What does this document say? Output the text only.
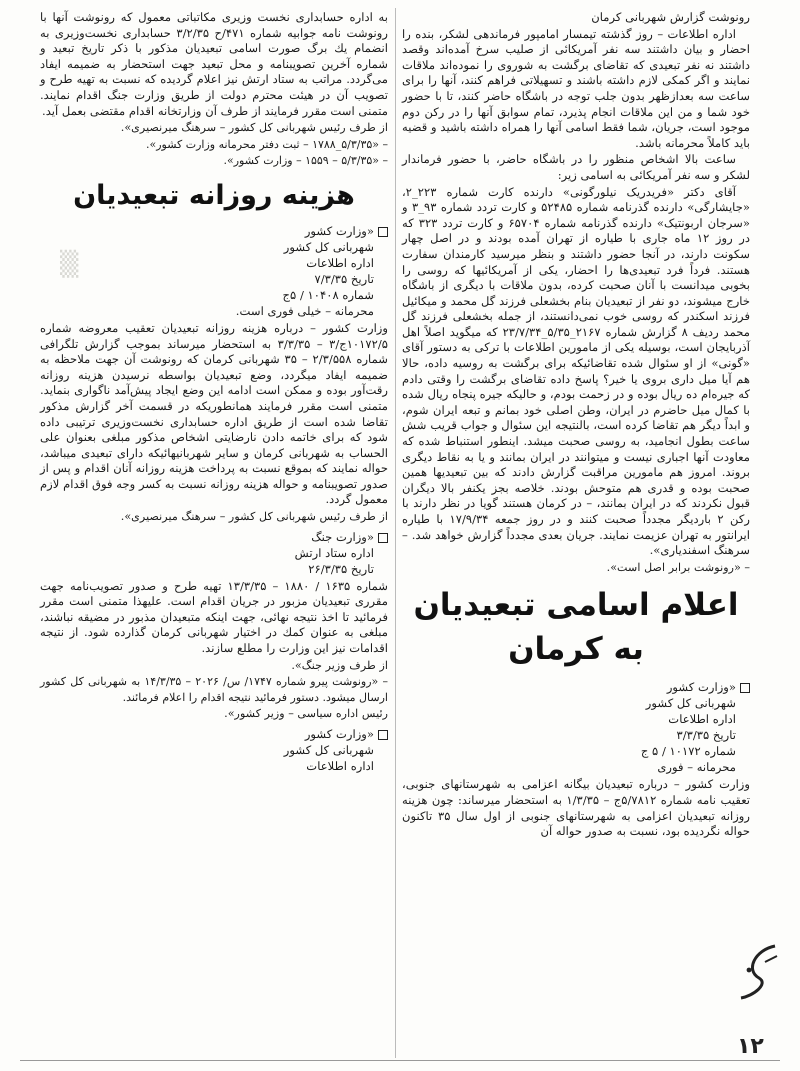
▒

رونوشت گزارش شهربانی کرمان

اداره اطلاعات – روز گذشته تیمسار امامپور فرماندهی لشکر، بنده را احضار و بیان داشتند سه نفر آمریکائی از صلیب سرخ آمده‌اند وقصد داشتند نه نفر تبعیدی که تقاضای برگشت به شوروی را نموده‌اند ملاقات نمایند و اگر کمکی لازم داشته باشند و تسهیلاتی فراهم کنند، آنها را برای ساعت سه بعدازظهر بدون جلب توجه در باشگاه حاضر کنند، تا با حضور خود شما و من این ملاقات انجام پذیرد، تمام سوابق آنها را در رکن دوم موجود است، جریان، شما فقط اسامی آنها را همراه داشته باشید و قضیه باید کاملاً محرمانه باشد.

ساعت بالا اشخاص منظور را در باشگاه حاضر، با حضور فرماندار لشکر و سه نفر آمریکائی به اسامی زیر:

آقای دکتر «فریدریک نیلورگونی» دارنده کارت شماره ۲۲۳_۲، «جایشارگی» دارنده گذرنامه شماره ۵۲۴۸۵ و کارت تردد شماره ۹۳_۳ و «سرجان اربونتیک» دارنده گذرنامه شماره ۶۵۷۰۴ و کارت تردد ۳۲۳ که در روز ۱۲ ماه جاری با طیاره از تهران آمده بودند و در اصل چهار سکونت دارند، در آنجا حضور داشتند و بنظر میرسید کارمندان سفارت هستند. فرداً فرد تبعیدی‌ها را احضار، یکی از آمریکائیها که روسی را بخوبی میدانست با آنان صحبت کرده، بدون ملاقات با دیگری از باشگاه خارج میشوند، دو نفر از تبعیدیان بنام بخشعلی فرزند گل محمد و میکائیل فرزند اسکندر که روسی خوب نمی‌دانستند، از جمله بخشعلی فرزند گل محمد ردیف ۸ گزارش شماره ۲۱۶۷_۵/۳۵_۲۳/۷/۳۴ که میگوید اصلاً اهل آذربایجان است، بوسیله یکی از مامورین اطلاعات با ترکی به دستور آقای «گونی» از او سئوال شده تقاضائیکه برای برگشت به روسیه داده، حالا هم آیا میل داری بروی یا خیر؟ پاسخ داده تقاضای برگشت را وقتی دادم که جیره‌ام ده ریال بوده و در زحمت بودم، و حالیکه جیره پنجاه ریال شده با کمال میل حاضرم در ایران، وطن اصلی خود بمانم و تبعه ایران شوم، و ابداً دیگر هم تقاضا کرده است، بالنتیجه این سئوال و جواب قریب شش ساعت بطول انجامید، به روسی صحبت میشد. اینطور استنباط شده که معاودت آنها اجباری نیست و میتوانند در ایران بمانند و یا به نقاط دیگری بروند. امروز هم مامورین مراقبت گزارش دادند که بین تبعیدیها همین صحبت بوده و قدری هم متوحش بودند. خلاصه بجز یکنفر بالا دیگران قبول نکردند که در ایران بمانند، – در کرمان هستند گویا در نظر دارند با رکن ۲ باردیگر مجدداً صحبت کنند و در روز جمعه ۱۷/۹/۳۴ با طیاره ایرانتور به تهران عزیمت نمایند. جریان بعدی مجدداً گزارش خواهد شد. – سرهنگ اسفندیاری».

– «رونوشت برابر اصل است».

اعلام اسامی تبعیدیان به کرمان

«وزارت کشور

شهربانی کل کشور

اداره اطلاعات

تاریخ ۳/۳/۳۵

شماره ۱۰۱۷۲ / ۵ ج

محرمانه – فوری

وزارت کشور – درباره تبعیدیان بیگانه اعزامی به شهرستانهای جنوبی، تعقیب نامه شماره ۵/۷۸۱۲ج – ۱/۳/۳۵ به استحضار میرساند: چون هزینه روزانه تبعیدیان اعزامی به شهرستانهای جنوبی از اول سال ۳۵ تاکنون حواله نگردیده بود، نسبت به صدور حواله آن

به اداره حسابداری نخست وزیری مکاتباتی معمول که رونوشت آنها با رونوشت نامه جوابیه شماره ۴۷۱/ح ۳/۲/۳۵ حسابداری نخست‌وزیری به انضمام یك برگ صورت اسامی تبعیدیان مذکور با ذکر تاریخ تبعید و شماره آخرین تصویبنامه و محل تبعید جهت استحضار به ضمیمه ایفاد می‌گردد. مراتب به ستاد ارتش نیز اعلام گردیده که نسبت به تهیه طرح و تصویب آن در هیئت محترم دولت از طریق وزارت جنگ اقدام نمایند. متمنی است مقرر فرمایند از طرف آن وزارتخانه اقدام مقتضی بعمل آید.

از طرف رئیس شهربانی کل کشور – سرهنگ میرنصیری».

– «۵/۳/۳۵_۱۷۸۸ – ثبت دفتر محرمانه وزارت کشور».

– «۵/۳/۳۵ – ۱۵۵۹ – وزارت کشور».

هزینه روزانه تبعیدیان

«وزارت کشور

شهربانی کل کشور

اداره اطلاعات

تاریخ ۷/۳/۳۵

شماره ۱۰۴۰۸ / ۵ج

محرمانه – خیلی فوری است.

وزارت کشور – درباره هزینه روزانه تبعیدیان تعقیب معروضه شماره ۱۰۱۷۲/۵ج/۳ – ۳/۳/۳۵ به استحضار میرساند بموجب گزارش تلگرافی شماره ۲/۳/۵۵۸ – ۳۵ شهربانی کرمان که رونوشت آن جهت ملاحظه به ضمیمه ایفاد میگردد، وضع تبعیدیان بواسطه نرسیدن هزینه روزانه رقت‌آور بوده و ممکن است ادامه این وضع ایجاد پیش‌آمد ناگواری بنماید. متمنی است مقرر فرمایند همانطوریکه در قسمت آخر گزارش مذکور تقاضا شده است از طریق اداره حسابداری نخست‌وزیری ترتیبی داده شود که برای خاتمه دادن نارضایتی اشخاص مذکور مبلغی بعنوان علی الحساب به شهربانی کرمان و سایر شهربانیهائیکه دارای تبعیدی میباشد، حواله نمایند که بموقع نسبت به پرداخت هزینه روزانه آنان اقدام و پس از صدور تصویبنامه و حواله هزینه روزانه نسبت به کسر وجه فوق اقدام لازم معمول گردد.

از طرف رئیس شهربانی کل کشور – سرهنگ میرنصیری».

«وزارت جنگ

اداره ستاد ارتش

تاریخ ۲۶/۳/۳۵

شماره ۱۶۳۵ / ۱۸۸۰ – ۱۳/۳/۳۵ تهیه طرح و صدور تصویب‌نامه جهت مقرری تبعیدیان مزبور در جریان اقدام است. علیهذا متمنی است مقرر فرمائید تا اخذ نتیجه نهائی، جهت اینکه متبعیدان مذبور در مضیقه نباشند، مبلغی به عنوان کمك در اختیار شهربانی کرمان گذارده شود. از نتیجه اقدامات نیز این وزارت را مطلع سازند.

از طرف وزیر جنگ».

– «رونوشت پیرو شماره ۱۷۴۷/ س/ ۲۰۲۶ – ۱۴/۳/۳۵ به شهربانی کل کشور ارسال میشود. دستور فرمائید نتیجه اقدام را اعلام فرمائند.

رئیس اداره سیاسی – وزیر کشور».

«وزارت کشور

شهربانی کل کشور

اداره اطلاعات

۱۲
